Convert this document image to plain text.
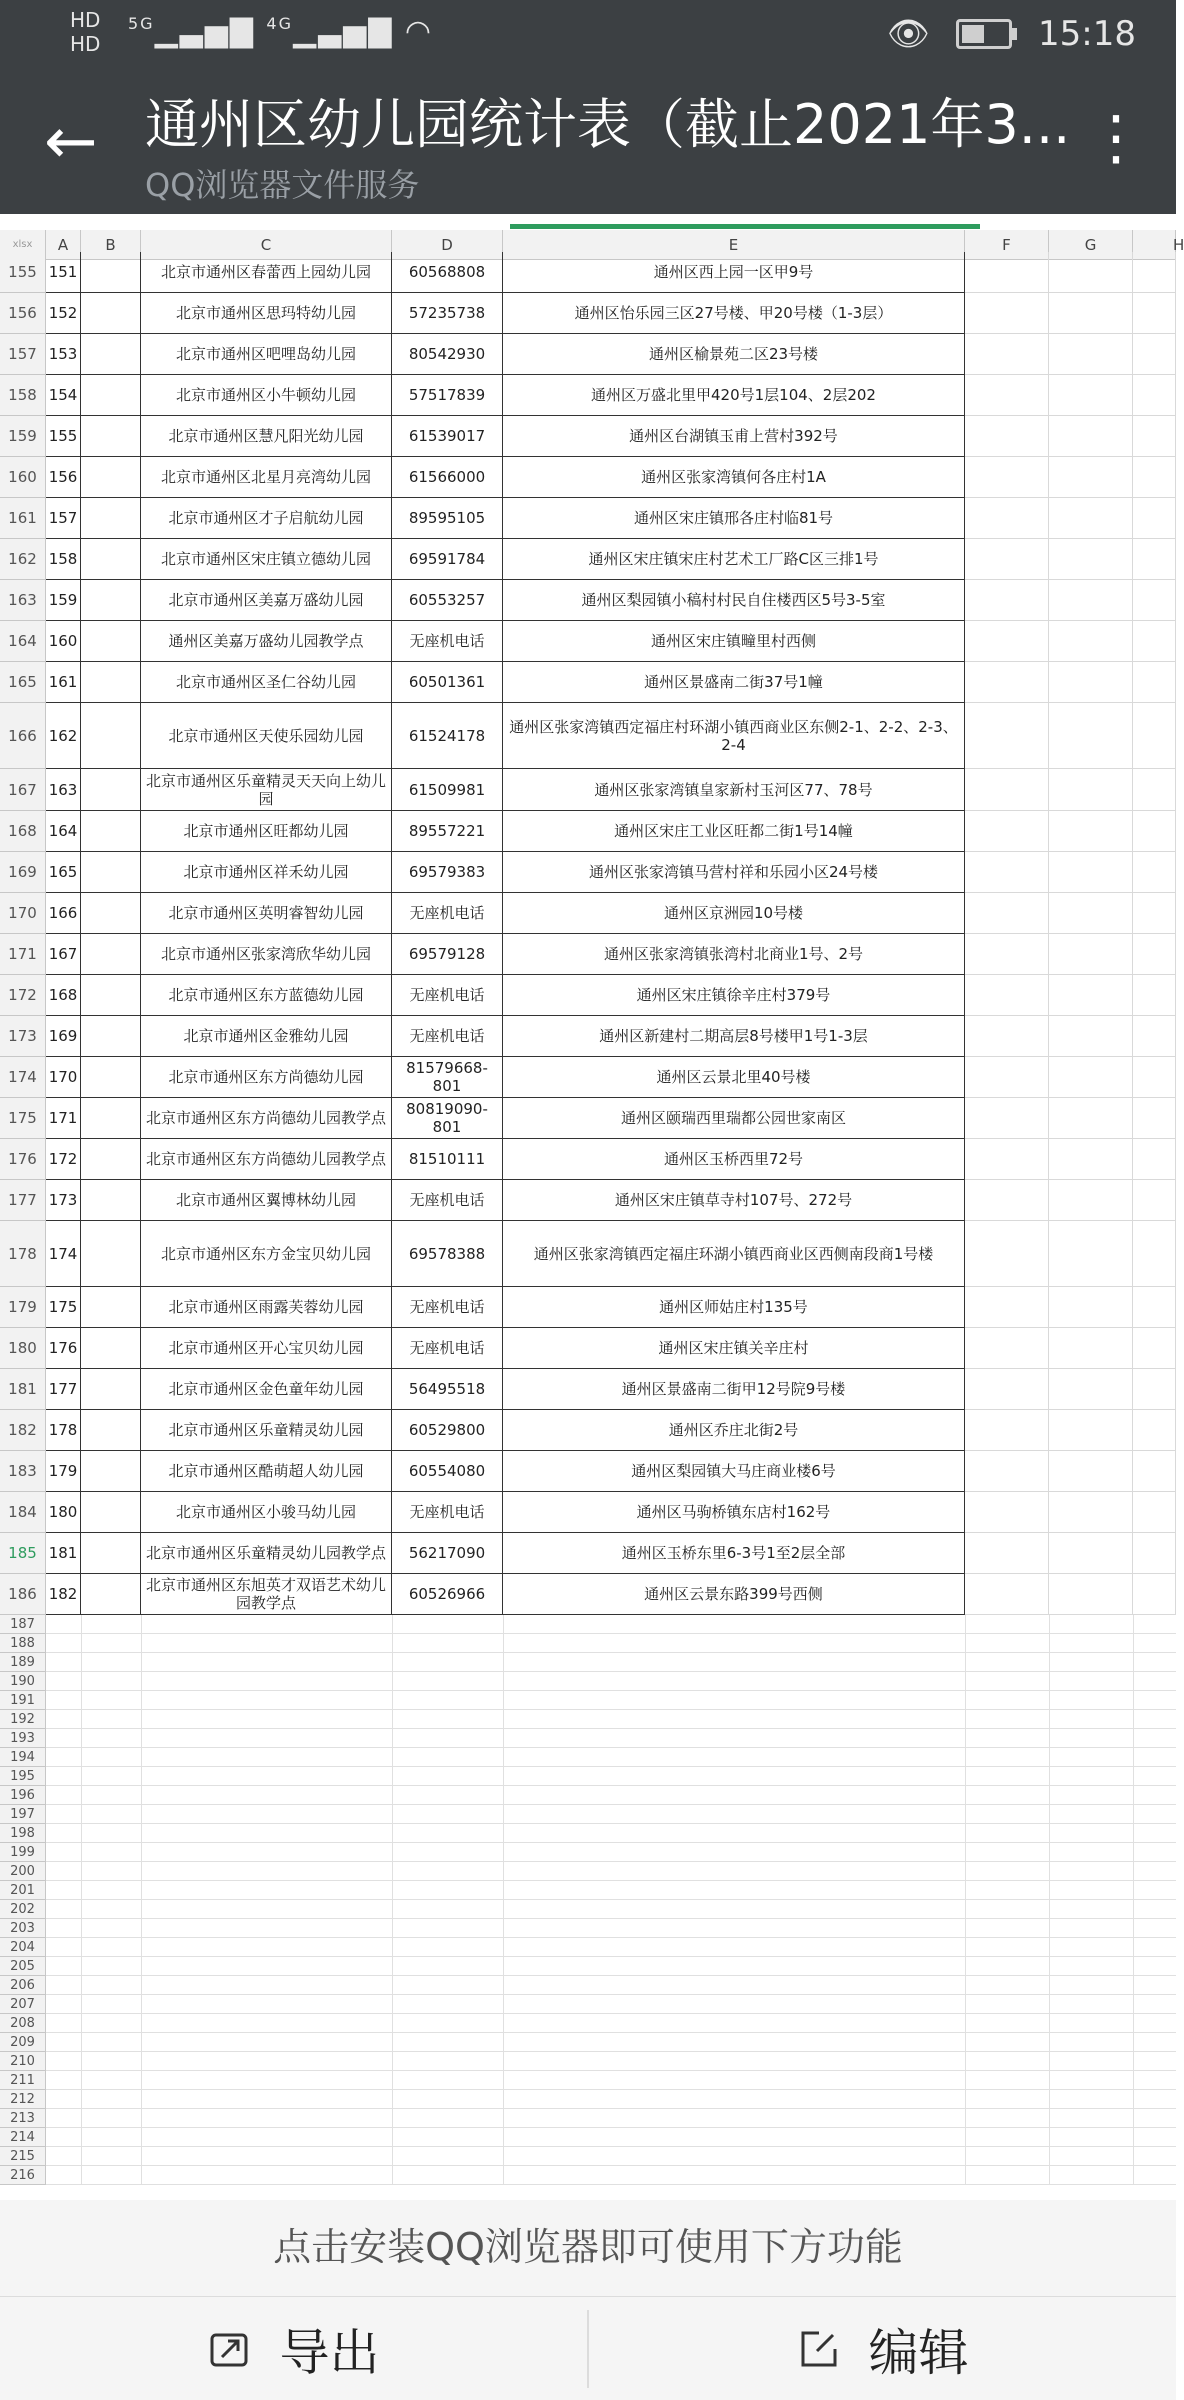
HD
HD
$^{5G}$▁▃▅▇ $^{4G}$▁▃▅▇ ◠	👁	15:18
← 通州区幼儿园统计表（截止2021年3...
QQ浏览器文件服务
⋮
xlsx	A	B	C	D	E	F	G	H
155 151	北京市通州区春蕾西上园幼儿园	60568808	通州区西上园一区甲9号
156 152	北京市通州区思玛特幼儿园	57235738	通州区怡乐园三区27号楼、甲20号楼（1-3层）
157 153	北京市通州区吧哩岛幼儿园	80542930	通州区榆景苑二区23号楼
158 154	北京市通州区小牛顿幼儿园	57517839	通州区万盛北里甲420号1层104、2层202
159 155	北京市通州区慧凡阳光幼儿园	61539017	通州区台湖镇玉甫上营村392号
160 156	北京市通州区北星月亮湾幼儿园	61566000	通州区张家湾镇何各庄村1A
161 157	北京市通州区才子启航幼儿园	89595105	通州区宋庄镇邢各庄村临81号
162 158	北京市通州区宋庄镇立德幼儿园	69591784	通州区宋庄镇宋庄村艺术工厂路C区三排1号
163 159	北京市通州区美嘉万盛幼儿园	60553257	通州区梨园镇小稿村村民自住楼西区5号3-5室
164 160	通州区美嘉万盛幼儿园教学点	无座机电话	通州区宋庄镇疃里村西侧
165 161	北京市通州区圣仁谷幼儿园	60501361	通州区景盛南二街37号1幢
166 162	北京市通州区天使乐园幼儿园	61524178	通州区张家湾镇西定福庄村环湖小镇西商业区东侧2-1、2-2、2-3、2-4
167 163	北京市通州区乐童精灵天天向上幼儿园	61509981	通州区张家湾镇皇家新村玉河区77、78号
168 164	北京市通州区旺都幼儿园	89557221	通州区宋庄工业区旺都二街1号14幢
169 165	北京市通州区祥禾幼儿园	69579383	通州区张家湾镇马营村祥和乐园小区24号楼
170 166	北京市通州区英明睿智幼儿园	无座机电话	通州区京洲园10号楼
171 167	北京市通州区张家湾欣华幼儿园	69579128	通州区张家湾镇张湾村北商业1号、2号
172 168	北京市通州区东方蓝德幼儿园	无座机电话	通州区宋庄镇徐辛庄村379号
173 169	北京市通州区金雅幼儿园	无座机电话	通州区新建村二期高层8号楼甲1号1-3层
174 170	北京市通州区东方尚德幼儿园	81579668-801	通州区云景北里40号楼
175 171	北京市通州区东方尚德幼儿园教学点	80819090-801	通州区颐瑞西里瑞都公园世家南区
176 172	北京市通州区东方尚德幼儿园教学点	81510111	通州区玉桥西里72号
177 173	北京市通州区翼博林幼儿园	无座机电话	通州区宋庄镇草寺村107号、272号
178 174	北京市通州区东方金宝贝幼儿园	69578388	通州区张家湾镇西定福庄环湖小镇西商业区西侧南段商1号楼
179 175	北京市通州区雨露芙蓉幼儿园	无座机电话	通州区师姑庄村135号
180 176	北京市通州区开心宝贝幼儿园	无座机电话	通州区宋庄镇关辛庄村
181 177	北京市通州区金色童年幼儿园	56495518	通州区景盛南二街甲12号院9号楼
182 178	北京市通州区乐童精灵幼儿园	60529800	通州区乔庄北街2号
183 179	北京市通州区酷萌超人幼儿园	60554080	通州区梨园镇大马庄商业楼6号
184 180	北京市通州区小骏马幼儿园	无座机电话	通州区马驹桥镇东店村162号
185 181	北京市通州区乐童精灵幼儿园教学点	56217090	通州区玉桥东里6-3号1至2层全部
186 182	北京市通州区东旭英才双语艺术幼儿园教学点	60526966	通州区云景东路399号西侧
187
188
189
190
191
192
193
194
195
196
197
198
199
200
201
202
203
204
205
206
207
208
209
210
211
212
213
214
215
216
点击安装QQ浏览器即可使用下方功能
导出	编辑
